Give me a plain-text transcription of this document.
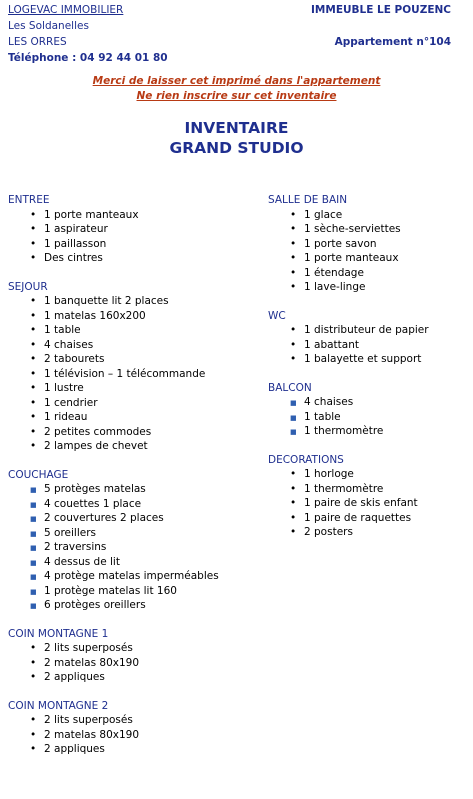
LOGEVAC IMMOBILIER
Les Soldanelles
LES ORRES
Téléphone : 04 92 44 01 80
IMMEUBLE LE POUZENC
Appartement n°104
Merci de laisser cet imprimé dans l'appartement
Ne rien inscrire sur cet inventaire
INVENTAIRE
GRAND STUDIO
ENTREE
• 1 porte manteaux
• 1 aspirateur
• 1 paillasson
• Des cintres
SEJOUR
• 1 banquette lit 2 places
• 1 matelas 160x200
• 1 table
• 4 chaises
• 2 tabourets
• 1 télévision – 1 télécommande
• 1 lustre
• 1 cendrier
• 1 rideau
• 2 petites commodes
• 2 lampes de chevet
COUCHAGE
■ 5 protèges matelas
■ 4 couettes 1 place
■ 2 couvertures 2 places
■ 5 oreillers
■ 2 traversins
■ 4 dessus de lit
■ 4 protège matelas imperméables
■ 1 protège matelas lit 160
■ 6 protèges oreillers
COIN MONTAGNE 1
• 2 lits superposés
• 2 matelas 80x190
• 2 appliques
COIN MONTAGNE 2
• 2 lits superposés
• 2 matelas 80x190
• 2 appliques
SALLE DE BAIN
• 1 glace
• 1 sèche-serviettes
• 1 porte savon
• 1 porte manteaux
• 1 étendage
• 1 lave-linge
WC
• 1 distributeur de papier
• 1 abattant
• 1 balayette et support
BALCON
■ 4 chaises
■ 1 table
■ 1 thermomètre
DECORATIONS
• 1 horloge
• 1 thermomètre
• 1 paire de skis enfant
• 1 paire de raquettes
• 2 posters
